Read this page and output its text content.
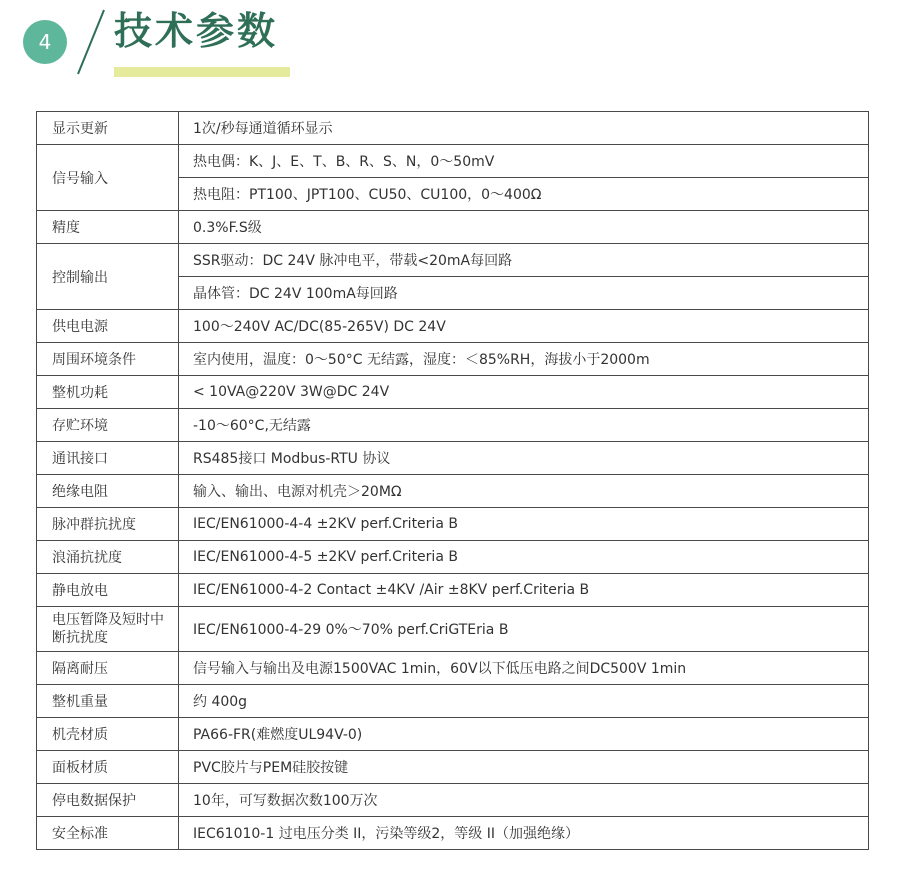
4	技术参数
显示更新	1次/秒每通道循环显示
信号输入	热电偶：K、J、E、T、B、R、S、N，0～50mV
	热电阻：PT100、JPT100、CU50、CU100，0～400Ω
精度	0.3%F.S级
控制输出	SSR驱动：DC 24V 脉冲电平，带载<20mA每回路
	晶体管：DC 24V 100mA每回路
供电电源	100～240V AC/DC(85-265V) DC 24V
周围环境条件	室内使用，温度：0～50°C 无结露，湿度：＜85%RH，海拔小于2000m
整机功耗	< 10VA@220V 3W@DC 24V
存贮环境	-10～60°C,无结露
通讯接口	RS485接口 Modbus-RTU 协议
绝缘电阻	输入、输出、电源对机壳＞20MΩ
脉冲群抗扰度	IEC/EN61000-4-4 ±2KV perf.Criteria B
浪涌抗扰度	IEC/EN61000-4-5 ±2KV perf.Criteria B
静电放电	IEC/EN61000-4-2 Contact ±4KV /Air ±8KV perf.Criteria B
电压暂降及短时中断抗扰度	IEC/EN61000-4-29 0%～70% perf.CriGTEria B
隔离耐压	信号输入与输出及电源1500VAC 1min，60V以下低压电路之间DC500V 1min
整机重量	约 400g
机壳材质	PA66-FR(难燃度UL94V-0)
面板材质	PVC胶片与PEM硅胶按键
停电数据保护	10年，可写数据次数100万次
安全标准	IEC61010-1 过电压分类 II，污染等级2，等级 II（加强绝缘）
